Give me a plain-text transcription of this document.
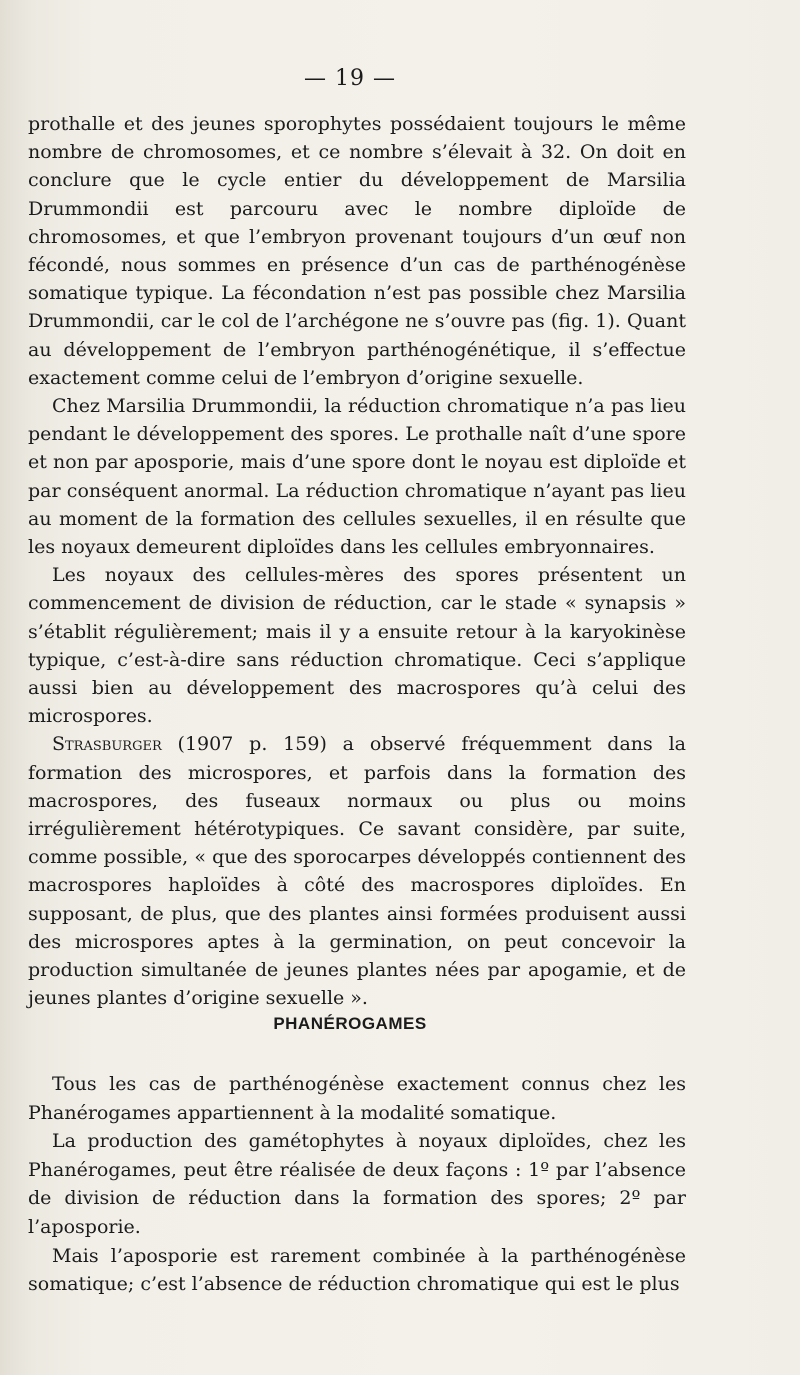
— 19 —

prothalle et des jeunes sporophytes possédaient toujours le même nombre de chromosomes, et ce nombre s’élevait à 32. On doit en conclure que le cycle entier du développement de Marsilia Drummondii est parcouru avec le nombre diploïde de chromosomes, et que l’embryon provenant toujours d’un œuf non fécondé, nous sommes en présence d’un cas de parthénogénèse somatique typique. La fécondation n’est pas possible chez Marsilia Drummondii, car le col de l’archégone ne s’ouvre pas (fig. 1). Quant au développement de l’embryon parthénogénétique, il s’effectue exactement comme celui de l’embryon d’origine sexuelle.

Chez Marsilia Drummondii, la réduction chromatique n’a pas lieu pendant le développement des spores. Le prothalle naît d’une spore et non par aposporie, mais d’une spore dont le noyau est diploïde et par conséquent anormal. La réduction chromatique n’ayant pas lieu au moment de la formation des cellules sexuelles, il en résulte que les noyaux demeurent diploïdes dans les cellules embryonnaires.

Les noyaux des cellules-mères des spores présentent un commencement de division de réduction, car le stade « synapsis » s’établit régulièrement; mais il y a ensuite retour à la karyokinèse typique, c’est-à-dire sans réduction chromatique. Ceci s’applique aussi bien au développement des macrospores qu’à celui des microspores.

Strasburger (1907 p. 159) a observé fréquemment dans la formation des microspores, et parfois dans la formation des macrospores, des fuseaux normaux ou plus ou moins irrégulièrement hétérotypiques. Ce savant considère, par suite, comme possible, « que des sporocarpes développés contiennent des macrospores haploïdes à côté des macrospores diploïdes. En supposant, de plus, que des plantes ainsi formées produisent aussi des microspores aptes à la germination, on peut concevoir la production simultanée de jeunes plantes nées par apogamie, et de jeunes plantes d’origine sexuelle ».

PHANÉROGAMES

Tous les cas de parthénogénèse exactement connus chez les Phanérogames appartiennent à la modalité somatique.

La production des gamétophytes à noyaux diploïdes, chez les Phanérogames, peut être réalisée de deux façons : 1º par l’absence de division de réduction dans la formation des spores; 2º par l’aposporie.

Mais l’aposporie est rarement combinée à la parthénogénèse somatique; c’est l’absence de réduction chromatique qui est le plus
